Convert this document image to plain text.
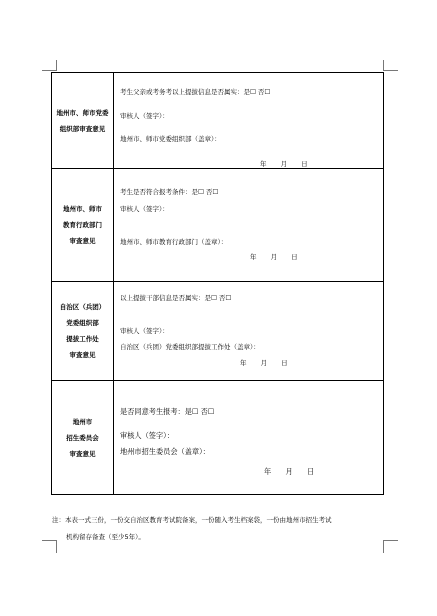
地州市、师市党委
组织部审查意见	考生父亲或考务考以上提拔信息是否属实：是☐ 否☐
审核人（签字）：
地州市、师市党委组织部（盖章）：
年 月 日

地州市、师市
教育行政部门
审查意见	考生是否符合报考条件：是☐ 否☐
审核人（签字）：
地州市、师市教育行政部门（盖章）：
年 月 日

自治区（兵团）
党委组织部
提拔工作处
审查意见	以上提拔干部信息是否属实：是☐ 否☐
审核人（签字）：
自治区（兵团）党委组织部提拔工作处（盖章）：
年 月 日

地州市
招生委员会
审查意见	是否同意考生报考：是☐ 否☐
审核人（签字）：
地州市招生委员会（盖章）：
年 月 日
注：本表一式三份，一份交自治区教育考试院备案，一份随入考生档案袋，一份由地州市招生考试
机构留存备查（至少5年）。
